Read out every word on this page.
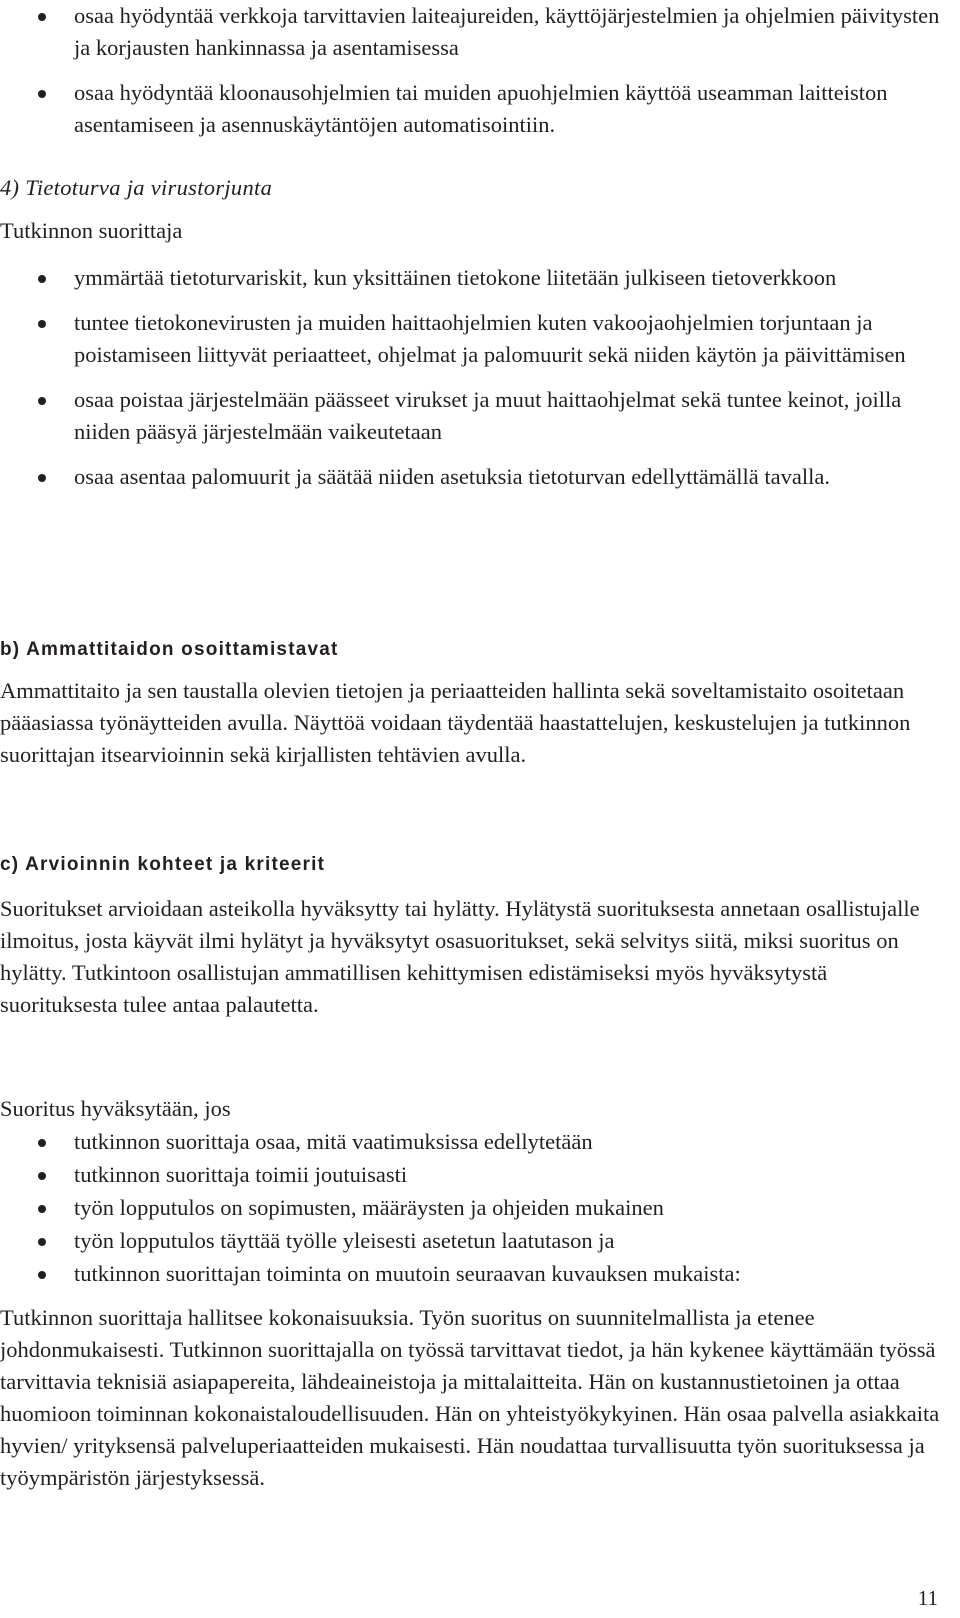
osaa hyödyntää verkkoja tarvittavien laiteajureiden, käyttöjärjestelmien ja ohjelmien päivitysten ja korjausten hankinnassa ja asentamisessa
osaa hyödyntää kloonausohjelmien tai muiden apuohjelmien käyttöä useamman laitteiston asentamiseen ja asennuskäytäntöjen automatisointiin.
4) Tietoturva ja virustorjunta
Tutkinnon suorittaja
ymmärtää tietoturvariskit, kun yksittäinen tietokone liitetään julkiseen tietoverkkoon
tuntee tietokonevirusten ja muiden haittaohjelmien kuten vakoojaohjelmien torjuntaan ja poistamiseen liittyvät periaatteet, ohjelmat ja palomuurit sekä niiden käytön ja päivittämisen
osaa poistaa järjestelmään päässeet virukset ja muut haittaohjelmat sekä tuntee keinot, joilla niiden pääsyä järjestelmään vaikeutetaan
osaa asentaa palomuurit ja säätää niiden asetuksia tietoturvan edellyttämällä tavalla.
b) Ammattitaidon osoittamistavat

Ammattitaito ja sen taustalla olevien tietojen ja periaatteiden hallinta sekä soveltamistaito osoitetaan pääasiassa työnäytteiden avulla. Näyttöä voidaan täydentää haastattelujen, keskustelujen ja tutkinnon suorittajan itsearvioinnin sekä kirjallisten tehtävien avulla.

c) Arvioinnin kohteet ja kriteerit

Suoritukset arvioidaan asteikolla hyväksytty tai hylätty. Hylätystä suorituksesta annetaan osallistujalle ilmoitus, josta käyvät ilmi hylätyt ja hyväksytyt osasuoritukset, sekä selvitys siitä, miksi suoritus on hylätty. Tutkintoon osallistujan ammatillisen kehittymisen edistämiseksi myös hyväksytystä suorituksesta tulee antaa palautetta.

Suoritus hyväksytään, jos
tutkinnon suorittaja osaa, mitä vaatimuksissa edellytetään
tutkinnon suorittaja toimii joutuisasti
työn lopputulos on sopimusten, määräysten ja ohjeiden mukainen
työn lopputulos täyttää työlle yleisesti asetetun laatutason ja
tutkinnon suorittajan toiminta on muutoin seuraavan kuvauksen mukaista:

Tutkinnon suorittaja hallitsee kokonaisuuksia. Työn suoritus on suunnitelmallista ja etenee johdonmukaisesti. Tutkinnon suorittajalla on työssä tarvittavat tiedot, ja hän kykenee käyttämään työssä tarvittavia teknisiä asiapapereita, lähdeaineistoja ja mittalaitteita. Hän on kustannustietoinen ja ottaa huomioon toiminnan kokonaistaloudellisuuden. Hän on yhteistyökykyinen. Hän osaa palvella asiakkaita hyvien/ yrityksensä palveluperiaatteiden mukaisesti. Hän noudattaa turvallisuutta työn suorituksessa ja työympäristön järjestyksessä.

11
